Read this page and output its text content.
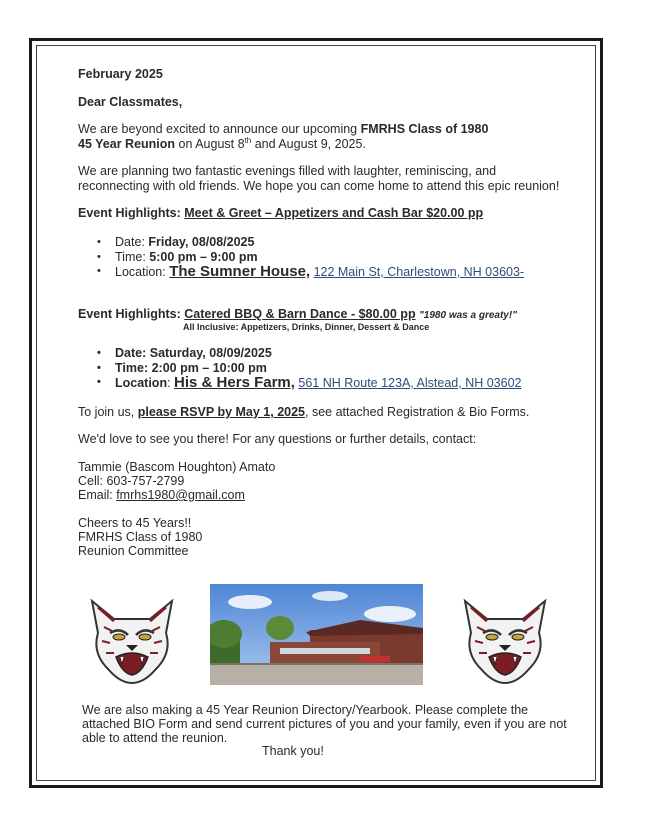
February 2025
Dear Classmates,
We are beyond excited to announce our upcoming FMRHS Class of 1980
45 Year Reunion on August 8th and August 9, 2025.
We are planning two fantastic evenings filled with laughter, reminiscing, and
reconnecting with old friends. We hope you can come home to attend this epic reunion!
Event Highlights: Meet & Greet – Appetizers and Cash Bar $20.00 pp
• Date: Friday, 08/08/2025
• Time: 5:00 pm – 9:00 pm
• Location: The Sumner House, 122 Main St, Charlestown, NH 03603-
Event Highlights: Catered BBQ & Barn Dance - $80.00 pp "1980 was a greaty!"
All Inclusive: Appetizers, Drinks, Dinner, Dessert & Dance
• Date: Saturday, 08/09/2025
• Time: 2:00 pm – 10:00 pm
• Location: His & Hers Farm, 561 NH Route 123A, Alstead, NH 03602
To join us, please RSVP by May 1, 2025, see attached Registration & Bio Forms.
We'd love to see you there! For any questions or further details, contact:
Tammie (Bascom Houghton) Amato
Cell: 603-757-2799
Email: fmrhs1980@gmail.com
Cheers to 45 Years!!
FMRHS Class of 1980
Reunion Committee
We are also making a 45 Year Reunion Directory/Yearbook. Please complete the
attached BIO Form and send current pictures of you and your family, even if you are not
able to attend the reunion.
Thank you!
